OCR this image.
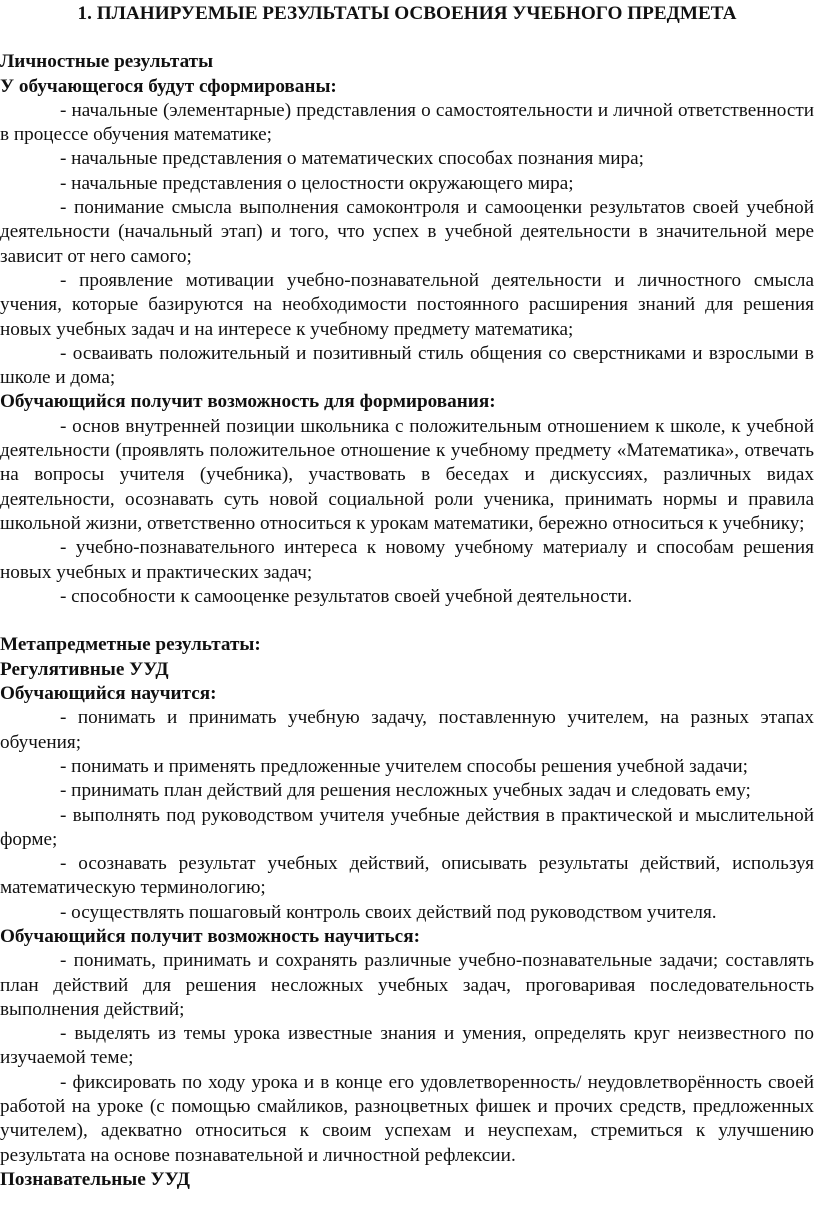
1. ПЛАНИРУЕМЫЕ РЕЗУЛЬТАТЫ ОСВОЕНИЯ УЧЕБНОГО ПРЕДМЕТА
Личностные результаты
У обучающегося будут сформированы:
- начальные (элементарные) представления о самостоятельности и личной ответственности в процессе обучения математике;
- начальные представления о математических способах познания мира;
- начальные представления о целостности окружающего мира;
- понимание смысла выполнения самоконтроля и самооценки результатов своей учебной деятельности (начальный этап) и того, что успех в учебной деятельности в значительной мере зависит от него самого;
- проявление мотивации учебно-познавательной деятельности и личностного смысла учения, которые базируются на необходимости постоянного расширения знаний для решения новых учебных задач и на интересе к учебному предмету математика;
- осваивать положительный и позитивный стиль общения со сверстниками и взрослыми в школе и дома;
Обучающийся получит возможность для формирования:
- основ внутренней позиции школьника с положительным отношением к школе, к учебной деятельности (проявлять положительное отношение к учебному предмету «Математика», отвечать на вопросы учителя (учебника), участвовать в беседах и дискуссиях, различных видах деятельности, осознавать суть новой социальной роли ученика, принимать нормы и правила школьной жизни, ответственно относиться к урокам математики, бережно относиться к учебнику;
- учебно-познавательного интереса к новому учебному материалу и способам решения новых учебных и практических задач;
- способности к самооценке результатов своей учебной деятельности.
Метапредметные результаты:
Регулятивные УУД
Обучающийся научится:
- понимать и принимать учебную задачу, поставленную учителем, на разных этапах обучения;
- понимать и применять предложенные учителем способы решения учебной задачи;
- принимать план действий для решения несложных учебных задач и следовать ему;
- выполнять под руководством учителя учебные действия в практической и мыслительной форме;
- осознавать результат учебных действий, описывать результаты действий, используя математическую терминологию;
- осуществлять пошаговый контроль своих действий под руководством учителя.
Обучающийся получит возможность научиться:
- понимать, принимать и сохранять различные учебно-познавательные задачи; составлять план действий для решения несложных учебных задач, проговаривая последовательность выполнения действий;
- выделять из темы урока известные знания и умения, определять круг неизвестного по изучаемой теме;
- фиксировать по ходу урока и в конце его удовлетворенность/ неудовлетворённость своей работой на уроке (с помощью смайликов, разноцветных фишек и прочих средств, предложенных учителем), адекватно относиться к своим успехам и неуспехам, стремиться к улучшению результата на основе познавательной и личностной рефлексии.
Познавательные УУД
